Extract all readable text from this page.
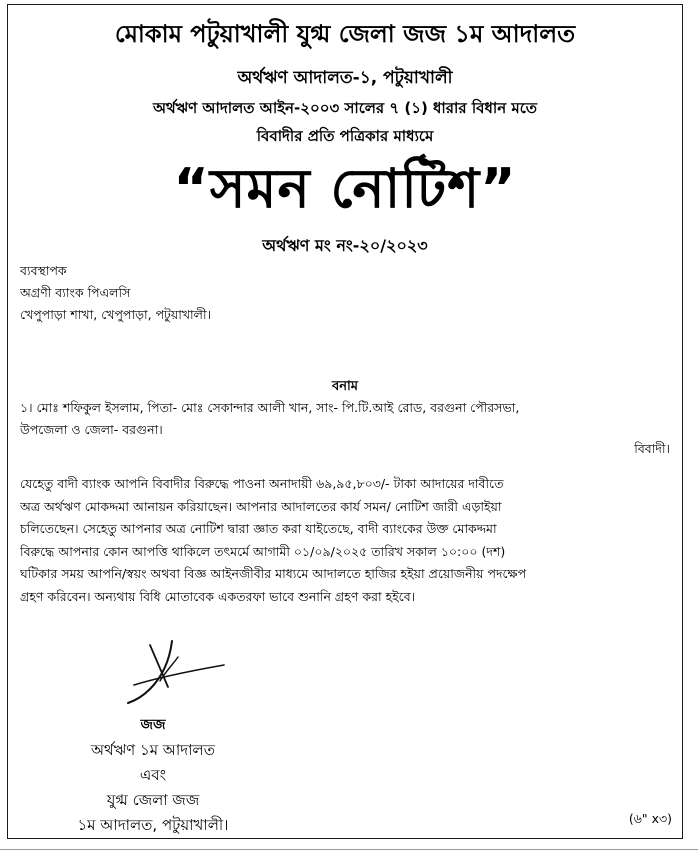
মোকাম পটুয়াখালী যুগ্ম জেলা জজ ১ম আদালত
অর্থঋণ আদালত-১, পটুয়াখালী
অর্থঋণ আদালত আইন-২০০৩ সালের ৭ (১) ধারার বিধান মতে
বিবাদীর প্রতি পত্রিকার মাধ্যমে
“সমন নোটিশ”
অর্থঋণ মং নং-২০/২০২৩
ব্যবস্থাপক
অগ্রণী ব্যাংক পিএলসি
খেপুপাড়া শাখা, খেপুপাড়া, পটুয়াখালী।
বনাম
১। মোঃ শফিকুল ইসলাম, পিতা- মোঃ সেকান্দার আলী খান, সাং- পি.টি.আই রোড, বরগুনা পৌরসভা,
উপজেলা ও জেলা- বরগুনা।
বিবাদী।
যেহেতু বাদী ব্যাংক আপনি বিবাদীর বিরুদ্ধে পাওনা অনাদায়ী ৬৯,৯৫,৮০৩/- টাকা আদায়ের দাবীতে
অত্র অর্থঋণ মোকদ্দমা আনায়ন করিয়াছেন। আপনার আদালতের কার্য সমন/ নোটিশ জারী এড়াইয়া
চলিতেছেন। সেহেতু আপনার অত্র নোটিশ দ্বারা জ্ঞাত করা যাইতেছে, বাদী ব্যাংকের উক্ত মোকদ্দমা
বিরুদ্ধে আপনার কোন আপত্তি থাকিলে তৎমর্মে আগামী ০১/০৯/২০২৫ তারিখ সকাল ১০:০০ (দশ)
ঘটিকার সময় আপনি/স্বয়ং অথবা বিজ্ঞ আইনজীবীর মাধ্যমে আদালতে হাজির হইয়া প্রয়োজনীয় পদক্ষেপ
গ্রহণ করিবেন। অন্যথায় বিধি মোতাবেক একতরফা ভাবে শুনানি গ্রহণ করা হইবে।
জজ
অর্থঋণ ১ম আদালত
এবং
যুগ্ম জেলা জজ
১ম আদালত, পটুয়াখালী।	(৬" x৩)
